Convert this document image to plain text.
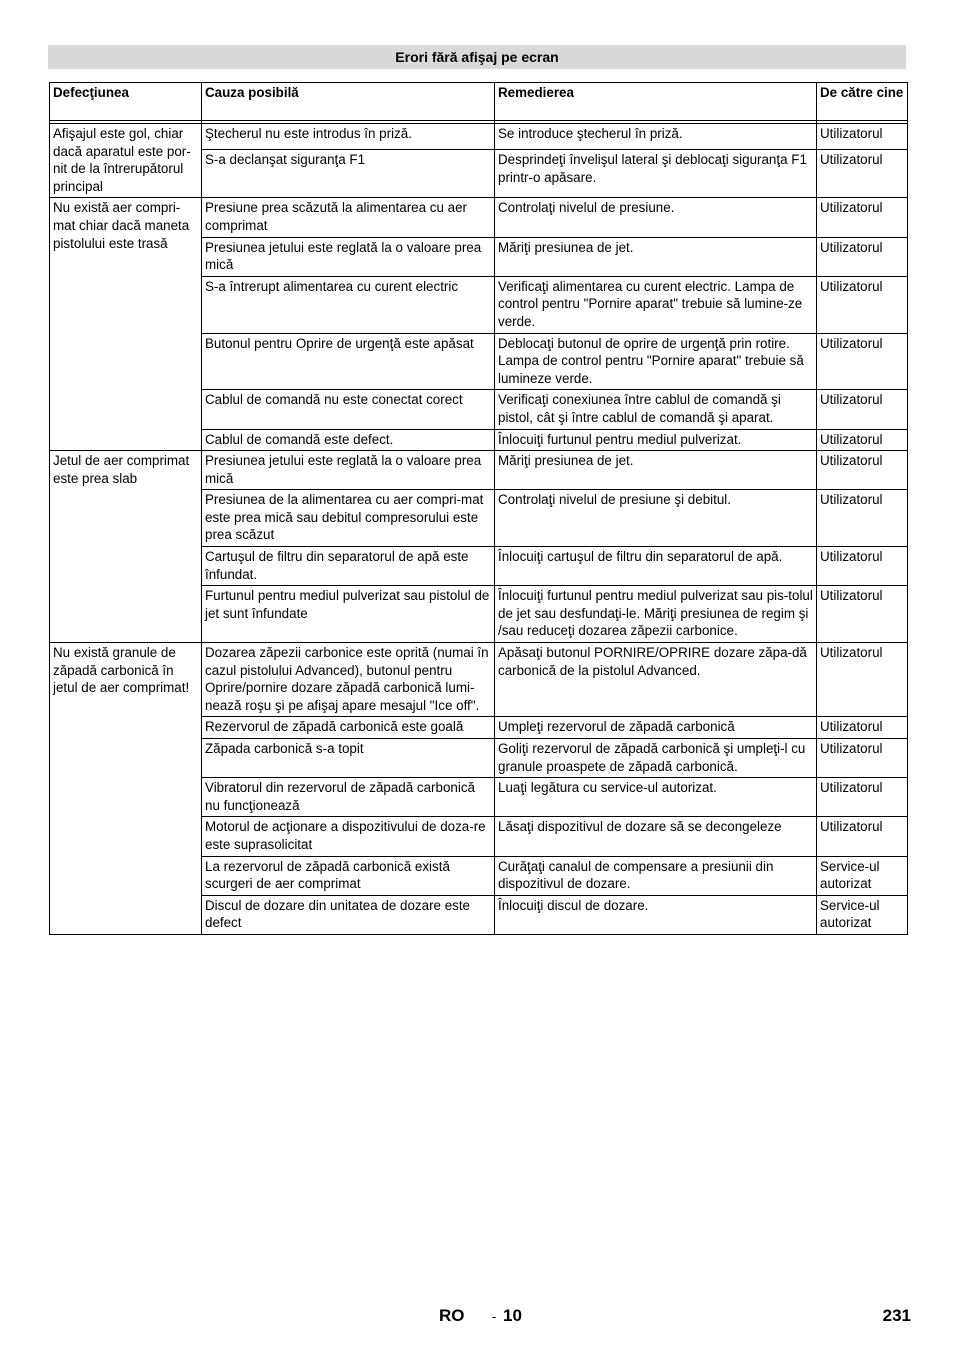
Erori fără afişaj pe ecran
Defecţiunea	Cauza posibilă	Remedierea	De către cine

Afişajul este gol, chiar dacă aparatul este por-nit de la întrerupătorul principal	Ştecherul nu este introdus în priză.	Se introduce ştecherul în priză.	Utilizatorul
	S-a declanşat siguranţa F1	Desprindeţi învelişul lateral şi deblocaţi siguranţa F1 printr-o apăsare.	Utilizatorul
Nu există aer compri-mat chiar dacă maneta pistolului este trasă	Presiune prea scăzută la alimentarea cu aer comprimat	Controlaţi nivelul de presiune.	Utilizatorul
	Presiunea jetului este reglată la o valoare prea mică	Măriţi presiunea de jet.	Utilizatorul
	S-a întrerupt alimentarea cu curent electric	Verificaţi alimentarea cu curent electric. Lampa de control pentru "Pornire aparat" trebuie să lumine-ze verde.	Utilizatorul
	Butonul pentru Oprire de urgenţă este apăsat	Deblocaţi butonul de oprire de urgenţă prin rotire. Lampa de control pentru "Pornire aparat" trebuie să lumineze verde.	Utilizatorul
	Cablul de comandă nu este conectat corect	Verificaţi conexiunea între cablul de comandă şi pistol, cât şi între cablul de comandă şi aparat.	Utilizatorul
	Cablul de comandă este defect.	Înlocuiţi furtunul pentru mediul pulverizat.	Utilizatorul
Jetul de aer comprimat este prea slab	Presiunea jetului este reglată la o valoare prea mică	Măriţi presiunea de jet.	Utilizatorul
	Presiunea de la alimentarea cu aer compri-mat este prea mică sau debitul compresorului este prea scăzut	Controlaţi nivelul de presiune şi debitul.	Utilizatorul
	Cartuşul de filtru din separatorul de apă este înfundat.	Înlocuiţi cartuşul de filtru din separatorul de apă.	Utilizatorul
	Furtunul pentru mediul pulverizat sau pistolul de jet sunt înfundate	Înlocuiţi furtunul pentru mediul pulverizat sau pis-tolul de jet sau desfundaţi-le. Măriţi presiunea de regim şi /sau reduceţi dozarea zăpezii carbonice.	Utilizatorul
Nu există granule de zăpadă carbonică în jetul de aer comprimat!	Dozarea zăpezii carbonice este oprită (numai în cazul pistolului Advanced), butonul pentru Oprire/pornire dozare zăpadă carbonică lumi-nează roşu şi pe afişaj apare mesajul "Ice off".	Apăsaţi butonul PORNIRE/OPRIRE dozare zăpa-dă carbonică de la pistolul Advanced.	Utilizatorul
	Rezervorul de zăpadă carbonică este goală	Umpleţi rezervorul de zăpadă carbonică	Utilizatorul
	Zăpada carbonică s-a topit	Goliţi rezervorul de zăpadă carbonică şi umpleţi-l cu granule proaspete de zăpadă carbonică.	Utilizatorul
	Vibratorul din rezervorul de zăpadă carbonică nu funcţionează	Luaţi legătura cu service-ul autorizat.	Utilizatorul
	Motorul de acţionare a dispozitivului de doza-re este suprasolicitat	Lăsaţi dispozitivul de dozare să se decongeleze	Utilizatorul
	La rezervorul de zăpadă carbonică există scurgeri de aer comprimat	Curăţaţi canalul de compensare a presiunii din dispozitivul de dozare.	Service-ul autorizat
	Discul de dozare din unitatea de dozare este defect	Înlocuiţi discul de dozare.	Service-ul autorizat
RO - 10	231
